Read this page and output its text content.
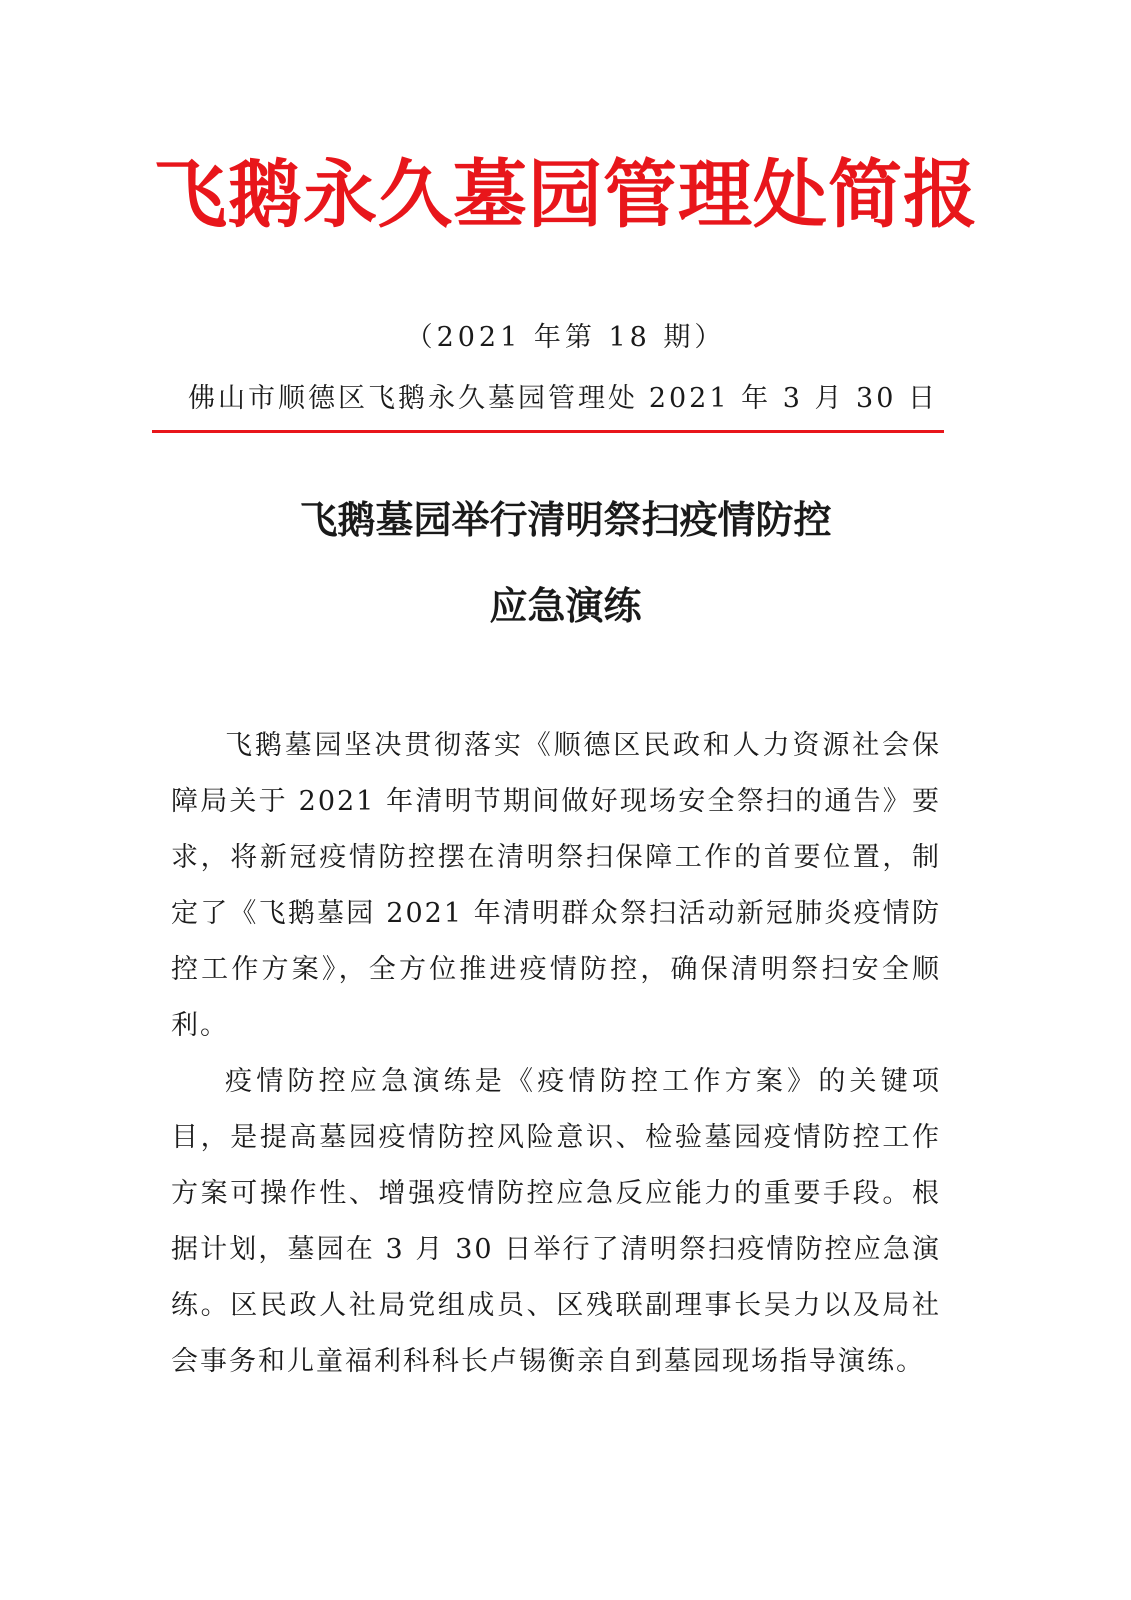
飞鹅永久墓园管理处简报
（2021 年第 18 期）
佛山市顺德区飞鹅永久墓园管理处 2021 年 3 月 30 日
飞鹅墓园举行清明祭扫疫情防控
应急演练

飞鹅墓园坚决贯彻落实《顺德区民政和人力资源社会保障局关于 2021 年清明节期间做好现场安全祭扫的通告》要求，将新冠疫情防控摆在清明祭扫保障工作的首要位置，制定了《飞鹅墓园 2021 年清明群众祭扫活动新冠肺炎疫情防控工作方案》，全方位推进疫情防控，确保清明祭扫安全顺利。

疫情防控应急演练是《疫情防控工作方案》的关键项目，是提高墓园疫情防控风险意识、检验墓园疫情防控工作方案可操作性、增强疫情防控应急反应能力的重要手段。根据计划，墓园在 3 月 30 日举行了清明祭扫疫情防控应急演练。区民政人社局党组成员、区残联副理事长吴力以及局社会事务和儿童福利科科长卢锡衡亲自到墓园现场指导演练。
